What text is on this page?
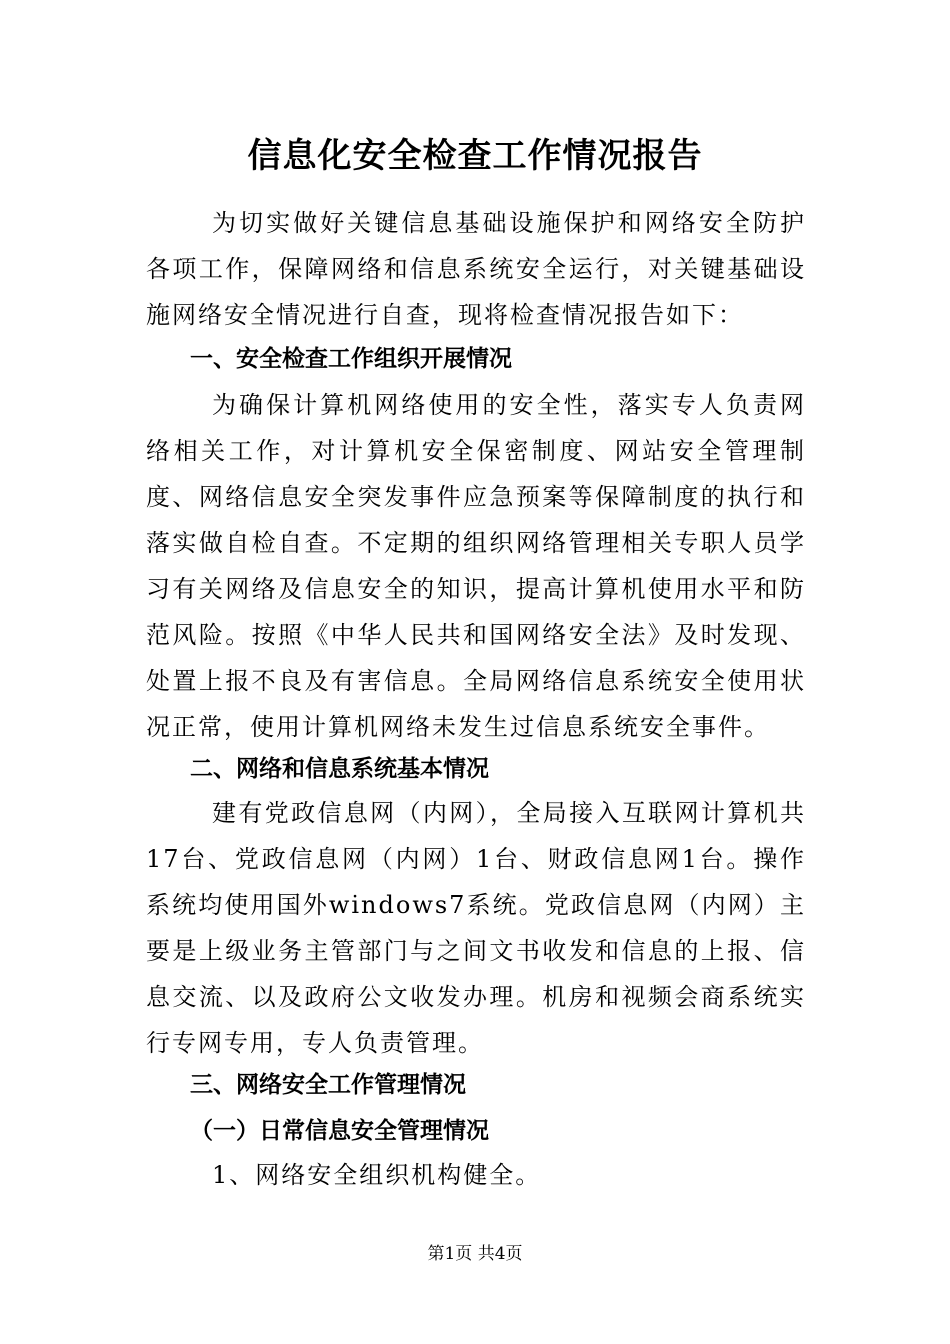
信息化安全检查工作情况报告

为切实做好关键信息基础设施保护和网络安全防护各项工作，保障网络和信息系统安全运行，对关键基础设施网络安全情况进行自查，现将检查情况报告如下：

一、安全检查工作组织开展情况

为确保计算机网络使用的安全性，落实专人负责网络相关工作，对计算机安全保密制度、网站安全管理制度、网络信息安全突发事件应急预案等保障制度的执行和落实做自检自查。不定期的组织网络管理相关专职人员学习有关网络及信息安全的知识，提高计算机使用水平和防范风险。按照《中华人民共和国网络安全法》及时发现、处置上报不良及有害信息。全局网络信息系统安全使用状况正常，使用计算机网络未发生过信息系统安全事件。

二、网络和信息系统基本情况

建有党政信息网（内网），全局接入互联网计算机共17台、党政信息网（内网）1台、财政信息网1台。操作系统均使用国外windows7系统。党政信息网（内网）主要是上级业务主管部门与之间文书收发和信息的上报、信息交流、以及政府公文收发办理。机房和视频会商系统实行专网专用，专人负责管理。

三、网络安全工作管理情况
（一）日常信息安全管理情况

1、网络安全组织机构健全。

第1页 共4页
